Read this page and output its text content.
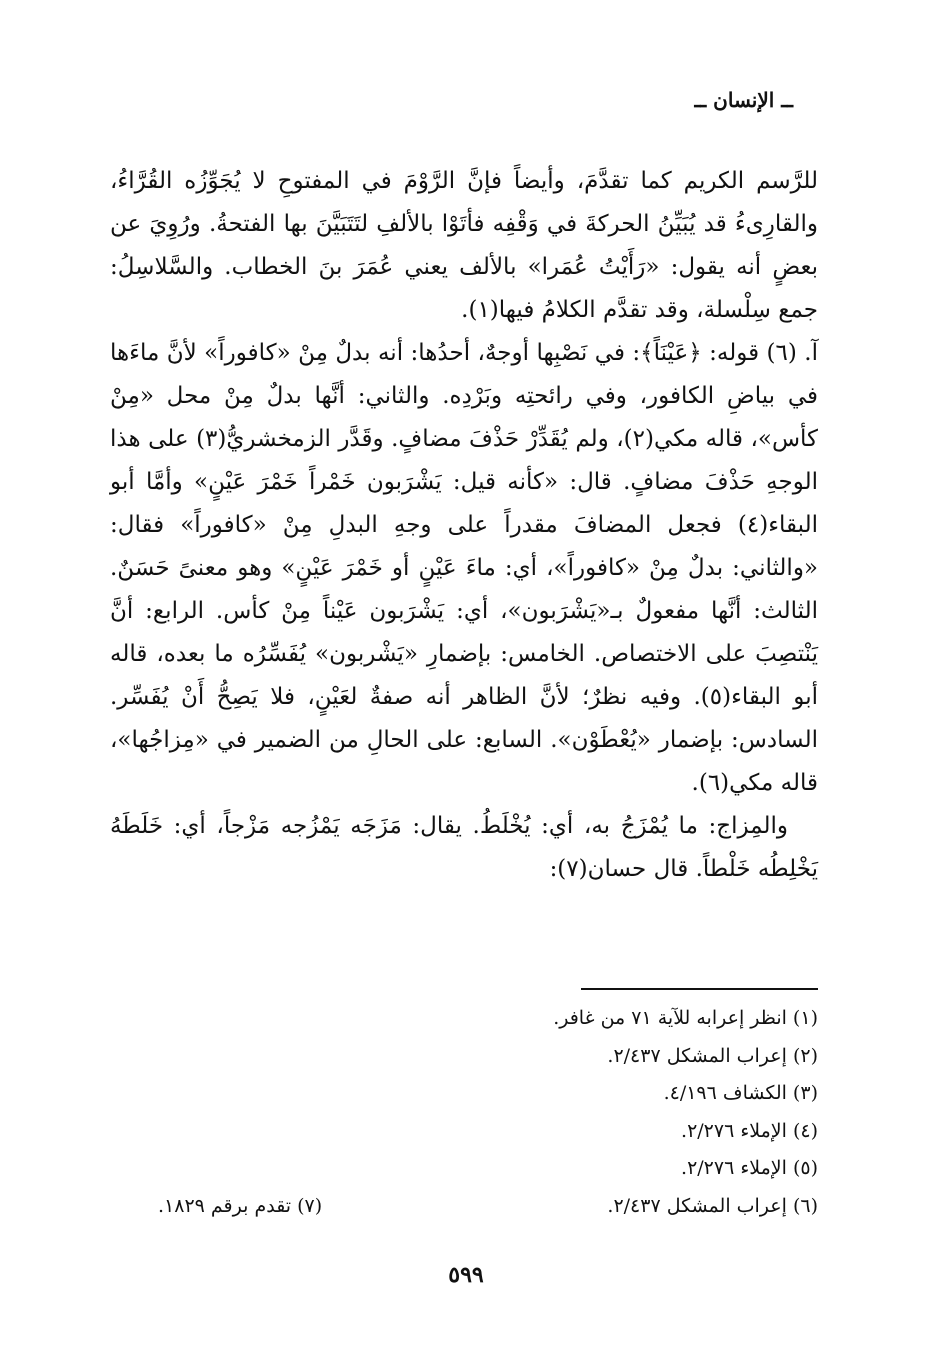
ــ الإنسان ــ

للرَّسم الكريم كما تقدَّمَ، وأيضاً فإنَّ الرَّوْمَ في المفتوحِ لا يُجَوِّزُه القُرَّاءُ، والقارِىءُ قد يُبَيِّنُ الحركةَ في وَقْفِه فأتَوْا بالألفِ لتَتَبَيَّنَ بها الفتحةُ. ورُوِيَ عن بعضٍ أنه يقول: «رَأَيْتُ عُمَرا» بالألف يعني عُمَرَ بنَ الخطاب. والسَّلاسِلُ: جمع سِلْسلة، وقد تقدَّم الكلامُ فيها(١).

آ. (٦) قوله: ﴿عَيْنَاً﴾: في نَصْبِها أوجهٌ، أحدُها: أنه بدلٌ مِنْ «كافوراً» لأنَّ ماءَها في بياضِ الكافور، وفي رائحتِه وبَرْدِه. والثاني: أنَّها بدلٌ مِنْ محل «مِنْ كأس»، قاله مكي(٢)، ولم يُقَدِّرْ حَذْفَ مضافٍ. وقَدَّر الزمخشريُّ(٣) على هذا الوجهِ حَذْفَ مضافٍ. قال: «كأنه قيل: يَشْرَبون خَمْراً خَمْرَ عَيْنٍ» وأمَّا أبو البقاء(٤) فجعل المضافَ مقدراً على وجهِ البدلِ مِنْ «كافوراً» فقال: «والثاني: بدلٌ مِنْ «كافوراً»، أي: ماءَ عَيْنٍ أو خَمْرَ عَيْنٍ» وهو معنىً حَسَنٌ. الثالث: أنَّها مفعولٌ بـ«يَشْرَبون»، أي: يَشْرَبون عَيْناً مِنْ كأس. الرابع: أنَّ يَنْتصِبَ على الاختصاص. الخامس: بإضمارِ «يَشْربون» يُفَسِّرُه ما بعده، قاله أبو البقاء(٥). وفيه نظرٌ؛ لأنَّ الظاهر أنه صفةٌ لعَيْنٍ، فلا يَصِحُّ أَنْ يُفَسِّر. السادس: بإضمار «يُعْطَوْن». السابع: على الحالِ من الضمير في «مِزاجُها»، قاله مكي(٦).

والمِزاج: ما يُمْزَجُ به، أي: يُخْلَطُ. يقال: مَزَجَه يَمْزُجه مَزْجاً، أي: خَلَطَهُ يَخْلِطُه خَلْطاً. قال حسان(٧):

(١) انظر إعرابه للآية ٧١ من غافر.
(٢) إعراب المشكل ٢/٤٣٧.
(٣) الكشاف ٤/١٩٦.
(٤) الإملاء ٢/٢٧٦.
(٥) الإملاء ٢/٢٧٦.
(٦) إعراب المشكل ٢/٤٣٧.
(٧) تقدم برقم ١٨٢٩.
٥٩٩
